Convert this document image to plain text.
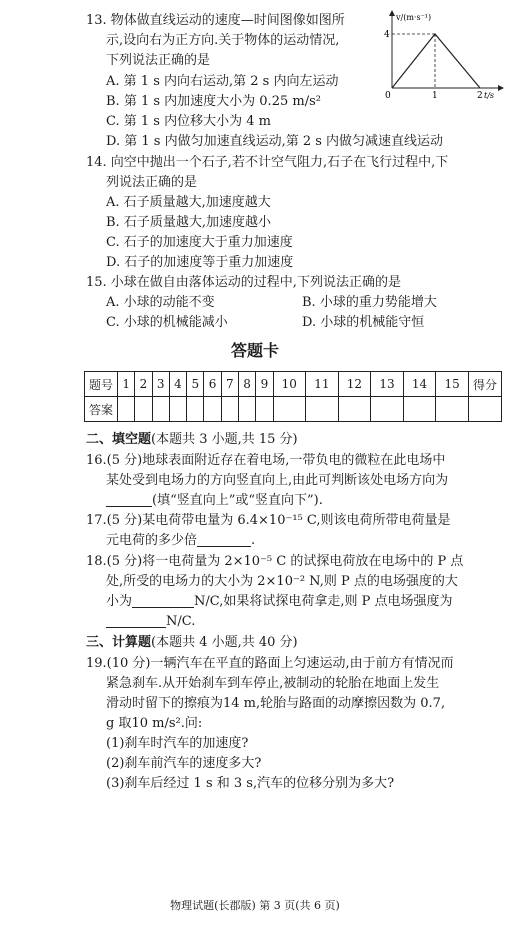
13. 物体做直线运动的速度—时间图像如图所
示,设向右为正方向.关于物体的运动情况,
下列说法正确的是
A. 第 1 s 内向右运动,第 2 s 内向左运动
B. 第 1 s 内加速度大小为 0.25 m/s²
C. 第 1 s 内位移大小为 4 m
D. 第 1 s 内做匀加速直线运动,第 2 s 内做匀减速直线运动
v/(m·s⁻¹)
t/s
4
0	1	2
14. 向空中抛出一个石子,若不计空气阻力,石子在飞行过程中,下
列说法正确的是
A. 石子质量越大,加速度越大
B. 石子质量越大,加速度越小
C. 石子的加速度大于重力加速度
D. 石子的加速度等于重力加速度
15. 小球在做自由落体运动的过程中,下列说法正确的是
A. 小球的动能不变	B. 小球的重力势能增大
C. 小球的机械能减小	D. 小球的机械能守恒
答题卡
题号	1	2	3	4	5	6	7	8	9	10	11	12	13	14	15	得分
答案																
二、填空题(本题共 3 小题,共 15 分)
16.(5 分)地球表面附近存在着电场,一带负电的微粒在此电场中
某处受到电场力的方向竖直向上,由此可判断该处电场方向为
(填“竖直向上”或“竖直向下”).
17.(5 分)某电荷带电量为 6.4×10⁻¹⁵ C,则该电荷所带电荷量是
元电荷的多少倍	.
18.(5 分)将一电荷量为 2×10⁻⁵ C 的试探电荷放在电场中的 P 点
处,所受的电场力的大小为 2×10⁻² N,则 P 点的电场强度的大
小为	N/C,如果将试探电荷拿走,则 P 点电场强度为
N/C.
三、计算题(本题共 4 小题,共 40 分)
19.(10 分)一辆汽车在平直的路面上匀速运动,由于前方有情况而
紧急刹车.从开始刹车到车停止,被制动的轮胎在地面上发生
滑动时留下的擦痕为14 m,轮胎与路面的动摩擦因数为 0.7,
g 取10 m/s².问:
(1)刹车时汽车的加速度?
(2)刹车前汽车的速度多大?
(3)刹车后经过 1 s 和 3 s,汽车的位移分别为多大?
物理试题(长郡版) 第 3 页(共 6 页)
